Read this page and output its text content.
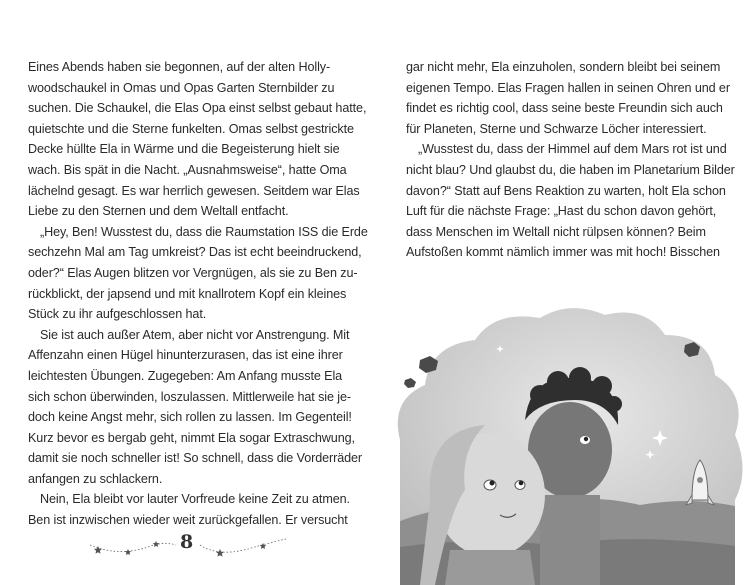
Eines Abends haben sie begonnen, auf der alten Holly-
woodschaukel in Omas und Opas Garten Sternbilder zu
suchen. Die Schaukel, die Elas Opa einst selbst gebaut hatte,
quietschte und die Sterne funkelten. Omas selbst gestrickte
Decke hüllte Ela in Wärme und die Begeisterung hielt sie
wach. Bis spät in die Nacht. „Ausnahmsweise“, hatte Oma
lächelnd gesagt. Es war herrlich gewesen. Seitdem war Elas
Liebe zu den Sternen und dem Weltall entfacht.

„Hey, Ben! Wusstest du, dass die Raumstation ISS die Erde
sechzehn Mal am Tag umkreist? Das ist echt beeindruckend,
oder?“ Elas Augen blitzen vor Vergnügen, als sie zu Ben zu-
rückblickt, der japsend und mit knallrotem Kopf ein kleines
Stück zu ihr aufgeschlossen hat.

Sie ist auch außer Atem, aber nicht vor Anstrengung. Mit
Affenzahn einen Hügel hinunterzurasen, das ist eine ihrer
leichtesten Übungen. Zugegeben: Am Anfang musste Ela
sich schon überwinden, loszulassen. Mittlerweile hat sie je-
doch keine Angst mehr, sich rollen zu lassen. Im Gegenteil!
Kurz bevor es bergab geht, nimmt Ela sogar Extraschwung,
damit sie noch schneller ist! So schnell, dass die Vorderräder
anfangen zu schlackern.

Nein, Ela bleibt vor lauter Vorfreude keine Zeit zu atmen.
Ben ist inzwischen wieder weit zurückgefallen. Er versucht

gar nicht mehr, Ela einzuholen, sondern bleibt bei seinem
eigenen Tempo. Elas Fragen hallen in seinen Ohren und er
findet es richtig cool, dass seine beste Freundin sich auch
für Planeten, Sterne und Schwarze Löcher interessiert.

„Wusstest du, dass der Himmel auf dem Mars rot ist und
nicht blau? Und glaubst du, die haben im Planetarium Bilder
davon?“ Statt auf Bens Reaktion zu warten, holt Ela schon
Luft für die nächste Frage: „Hast du schon davon gehört,
dass Menschen im Weltall nicht rülpsen können? Beim
Aufstoßen kommt nämlich immer was mit hoch! Bisschen

8
